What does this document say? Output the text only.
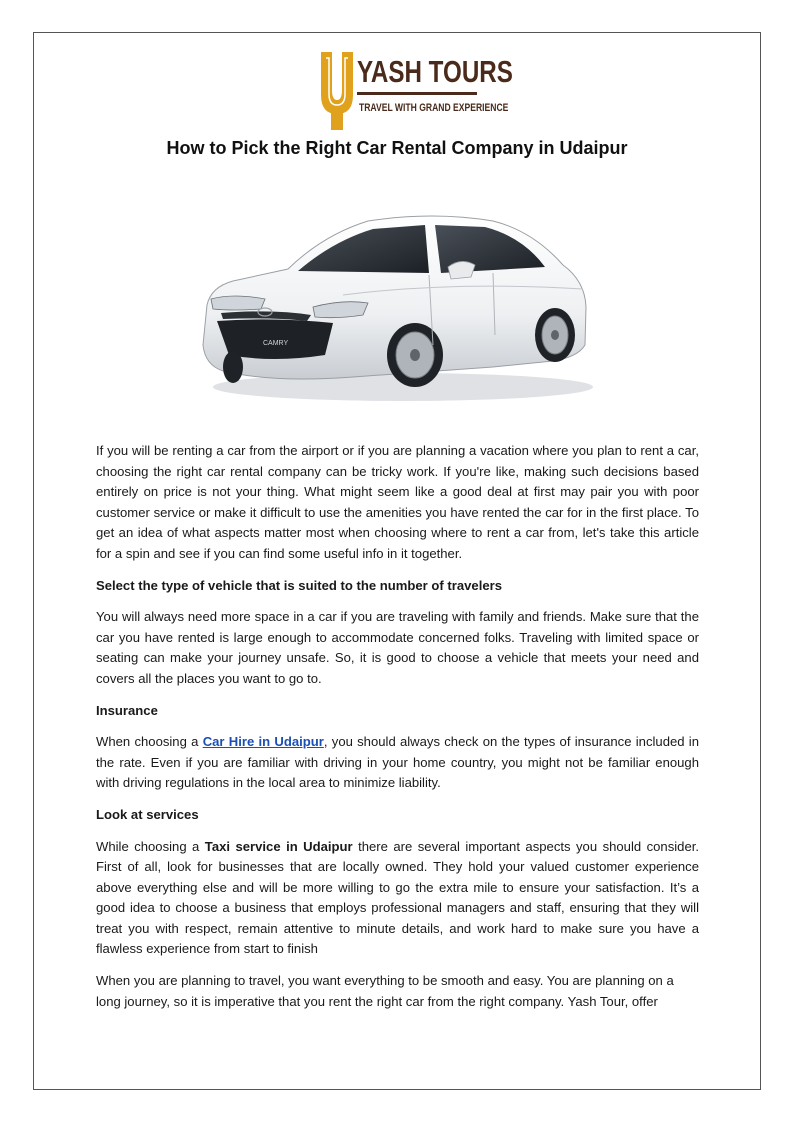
YASH TOURS
TRAVEL WITH GRAND EXPERIENCE
How to Pick the Right Car Rental Company in Udaipur
CAMRY

If you will be renting a car from the airport or if you are planning a vacation where you plan to rent a car, choosing the right car rental company can be tricky work. If you're like, making such decisions based entirely on price is not your thing. What might seem like a good deal at first may pair you with poor customer service or make it difficult to use the amenities you have rented the car for in the first place. To get an idea of what aspects matter most when choosing where to rent a car from, let's take this article for a spin and see if you can find some useful info in it together.

Select the type of vehicle that is suited to the number of travelers

You will always need more space in a car if you are traveling with family and friends. Make sure that the car you have rented is large enough to accommodate concerned folks. Traveling with limited space or seating can make your journey unsafe. So, it is good to choose a vehicle that meets your need and covers all the places you want to go to.

Insurance

When choosing a Car Hire in Udaipur, you should always check on the types of insurance included in the rate. Even if you are familiar with driving in your home country, you might not be familiar enough with driving regulations in the local area to minimize liability.

Look at services

While choosing a Taxi service in Udaipur there are several important aspects you should consider. First of all, look for businesses that are locally owned. They hold your valued customer experience above everything else and will be more willing to go the extra mile to ensure your satisfaction. It’s a good idea to choose a business that employs professional managers and staff, ensuring that they will treat you with respect, remain attentive to minute details, and work hard to make sure you have a flawless experience from start to finish

When you are planning to travel, you want everything to be smooth and easy. You are planning on a long journey, so it is imperative that you rent the right car from the right company. Yash Tour, offer
